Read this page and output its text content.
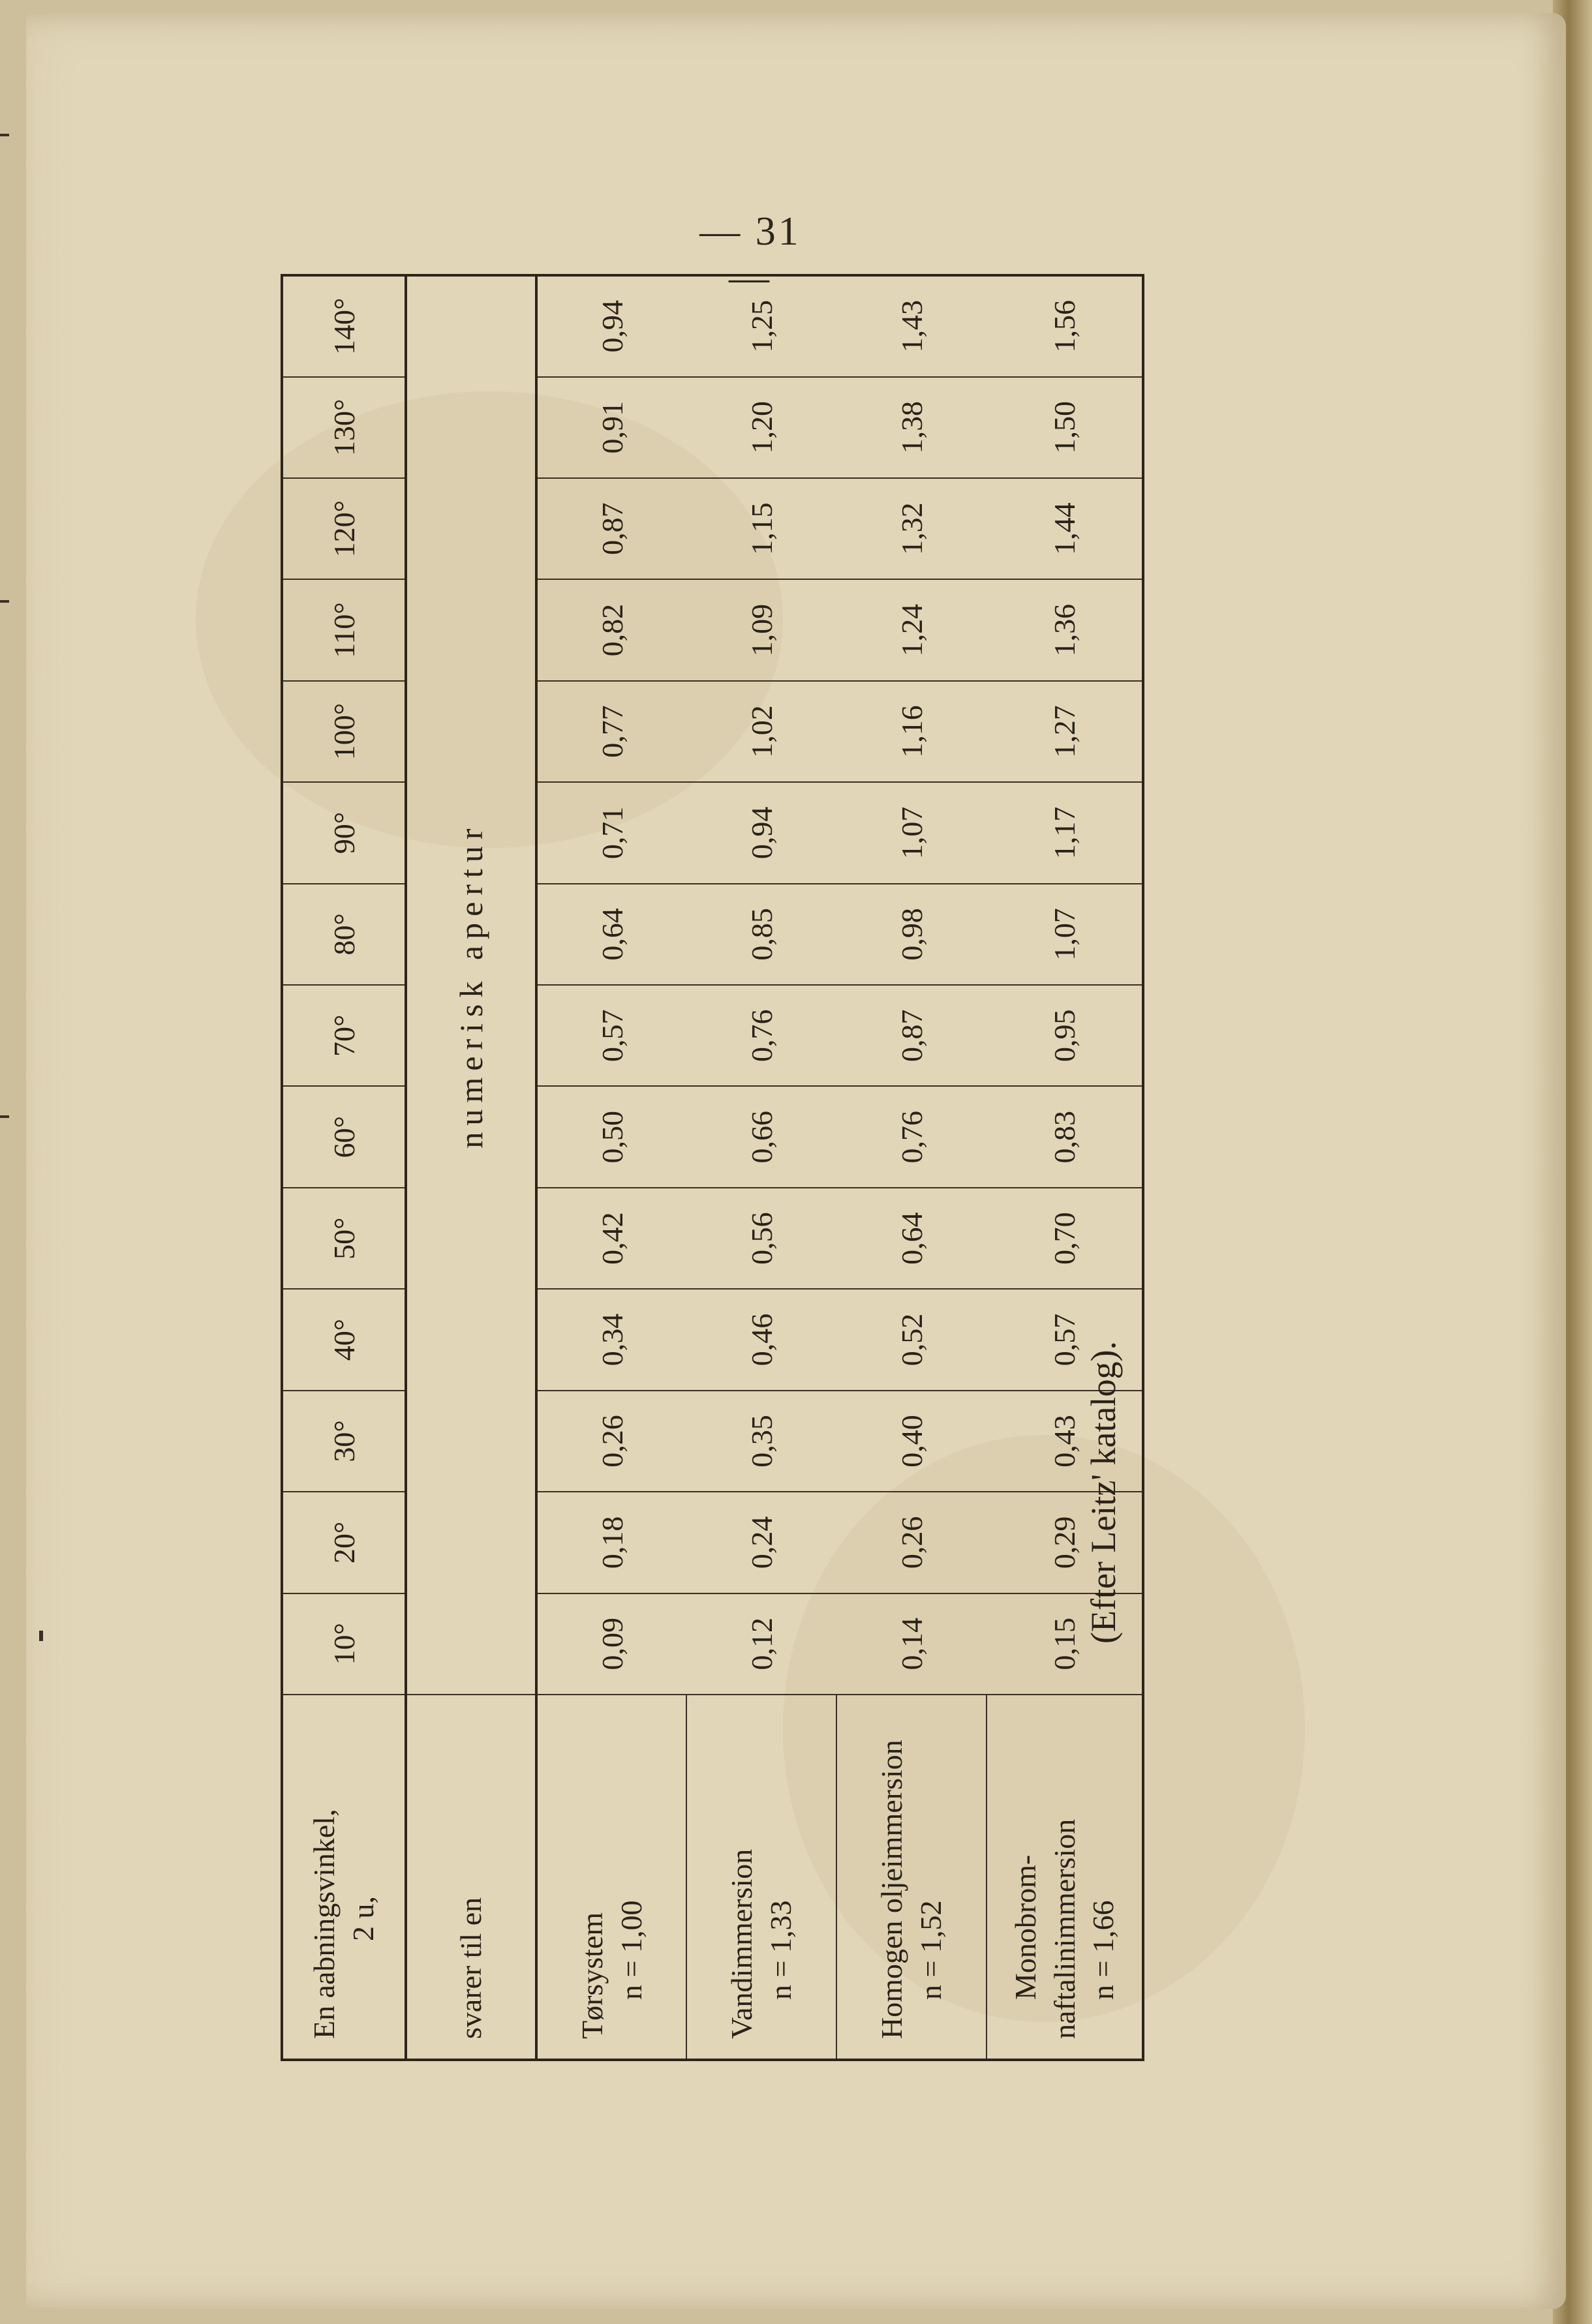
— 31 —
En aabningsvinkel, 2 u,	10°	20°	30°	40°	50°	60°	70°	80°	90°	100°	110°	120°	130°	140°
svarer til en	numerisk apertur													
Tørsystem n = 1,00	0,09	0,18	0,26	0,34	0,42	0,50	0,57	0,64	0,71	0,77	0,82	0,87	0,91	0,94
Vandimmersion n = 1,33	0,12	0,24	0,35	0,46	0,56	0,66	0,76	0,85	0,94	1,02	1,09	1,15	1,20	1,25
Homogen oljeimmersion n = 1,52	0,14	0,26	0,40	0,52	0,64	0,76	0,87	0,98	1,07	1,16	1,24	1,32	1,38	1,43

Monobrom- naftalinimmersion n = 1,66	0,15	0,29	0,43	0,57	0,70	0,83	0,95	1,07	1,17	1,27	1,36	1,44	1,50	1,56
(Efter Leitz' katalog).
